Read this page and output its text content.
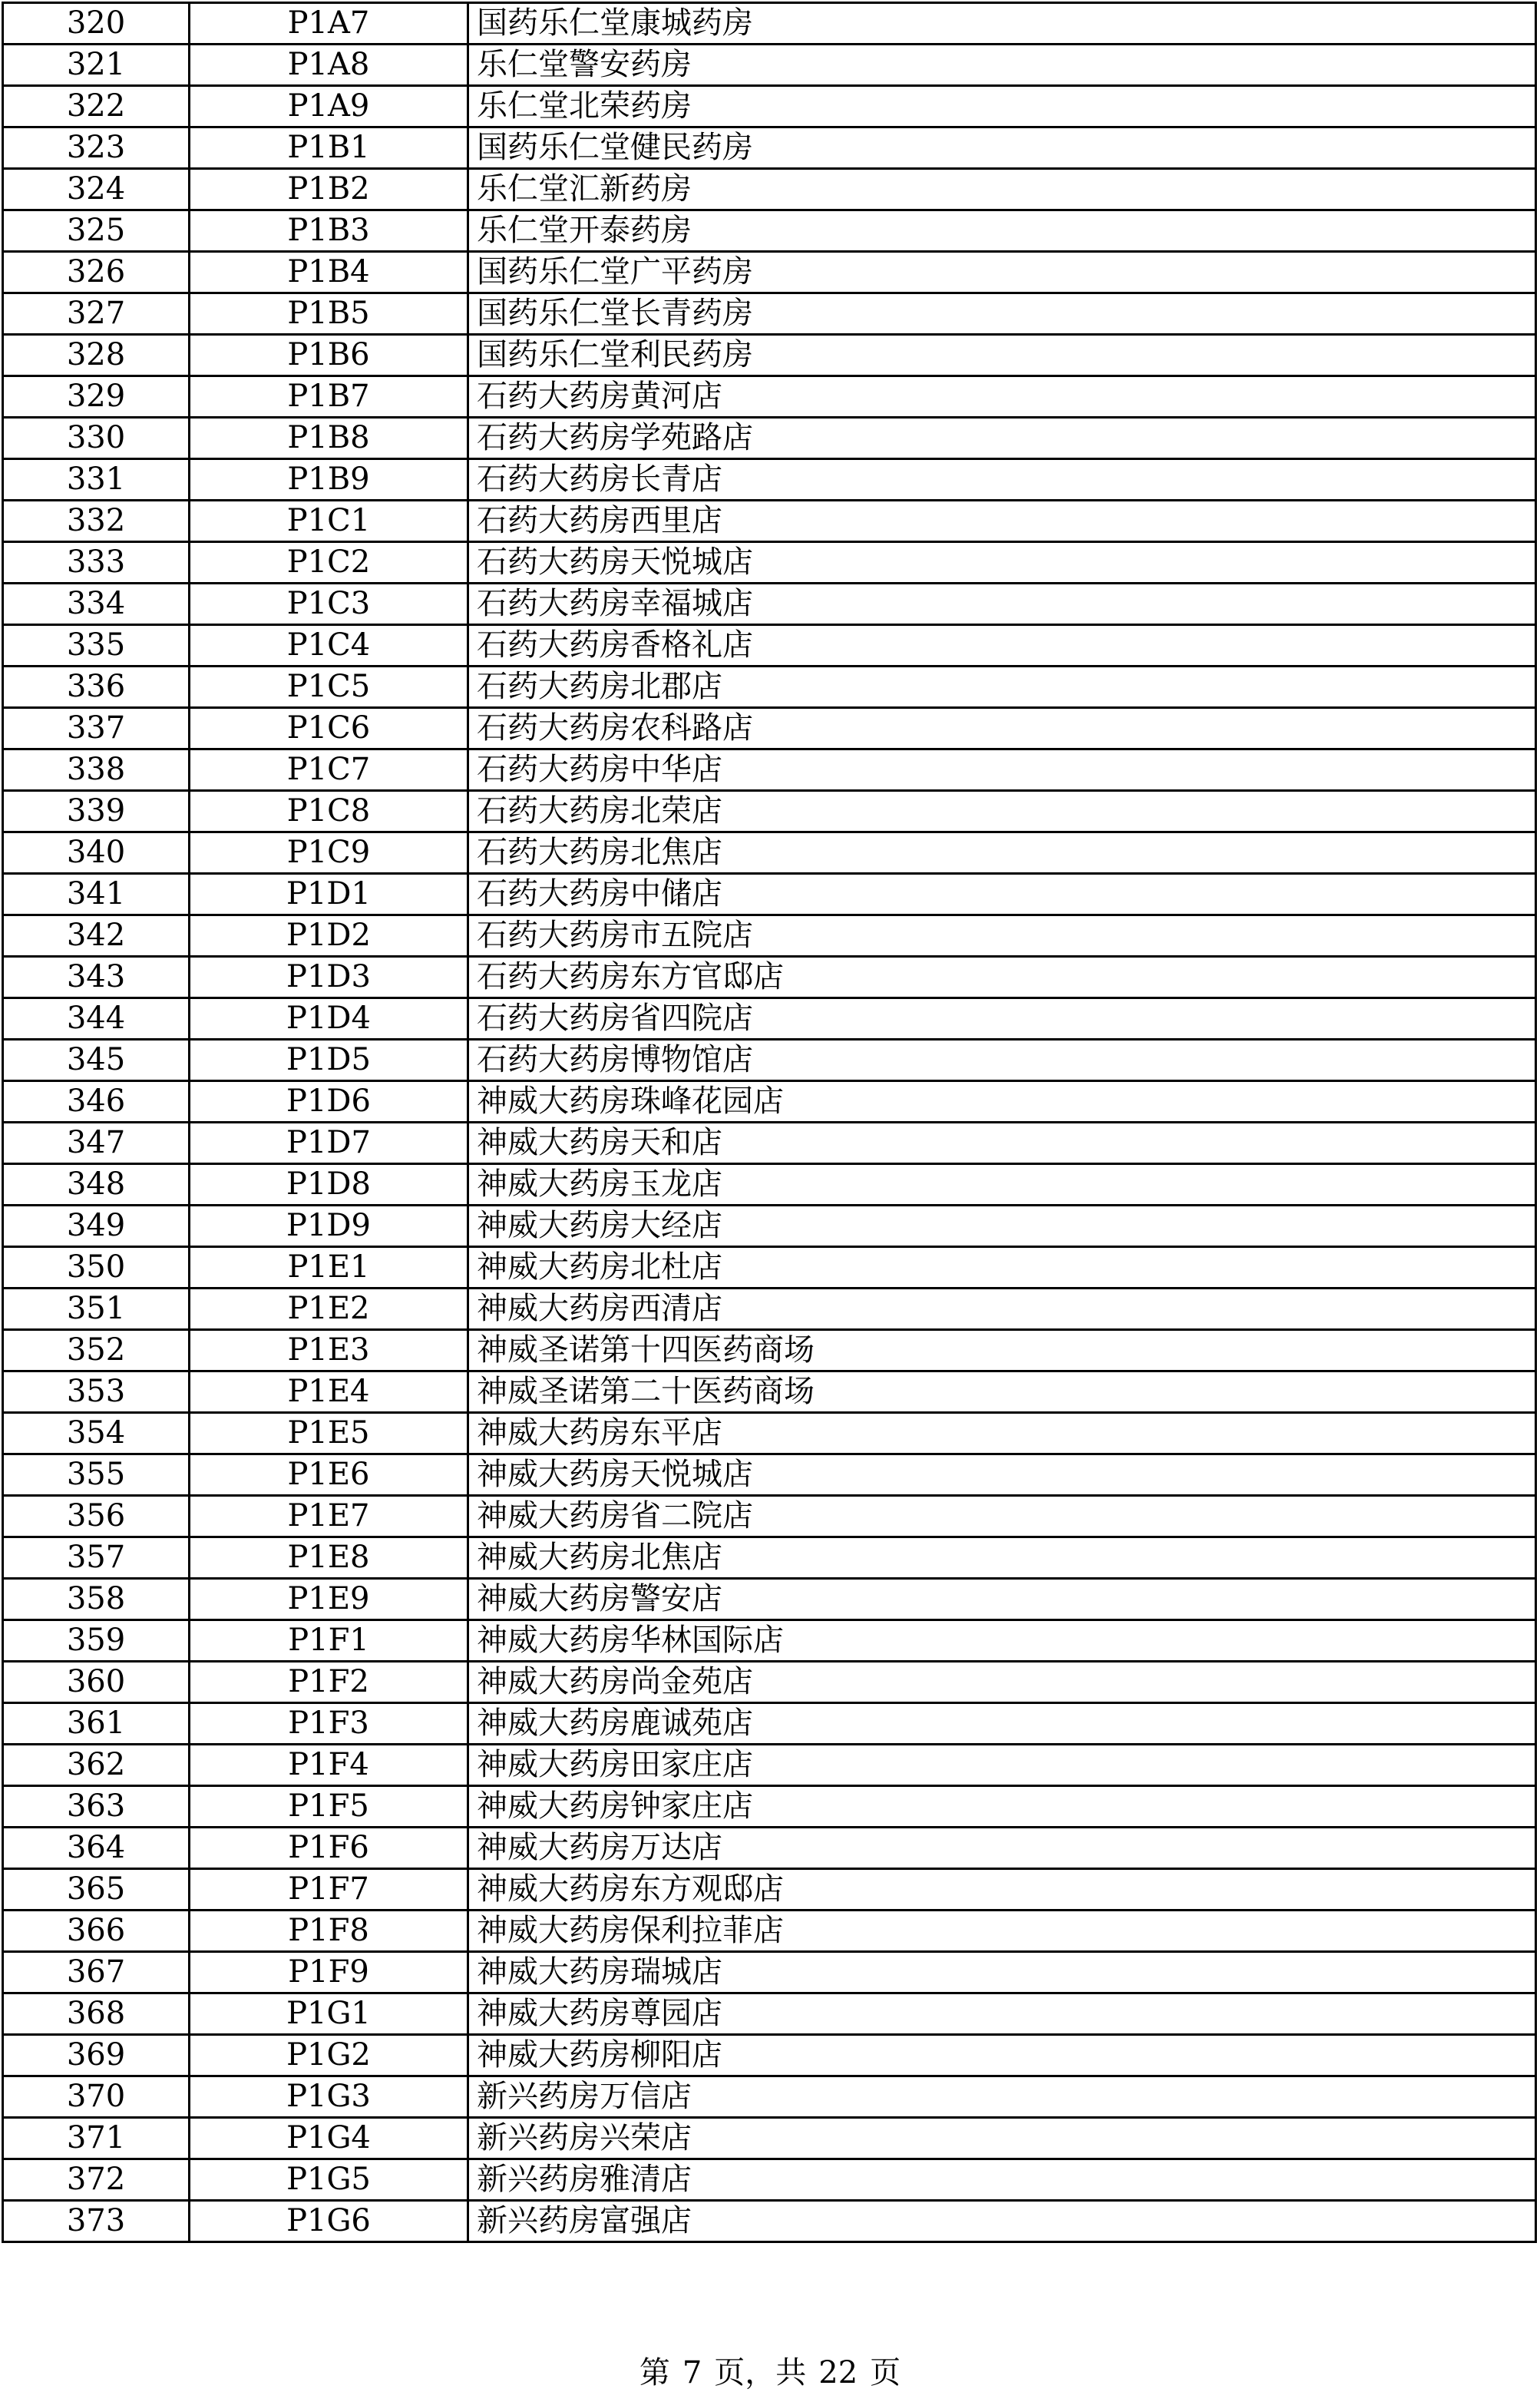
320	P1A7	国药乐仁堂康城药房
321	P1A8	乐仁堂警安药房
322	P1A9	乐仁堂北荣药房
323	P1B1	国药乐仁堂健民药房
324	P1B2	乐仁堂汇新药房
325	P1B3	乐仁堂开泰药房
326	P1B4	国药乐仁堂广平药房
327	P1B5	国药乐仁堂长青药房
328	P1B6	国药乐仁堂利民药房
329	P1B7	石药大药房黄河店
330	P1B8	石药大药房学苑路店
331	P1B9	石药大药房长青店
332	P1C1	石药大药房西里店
333	P1C2	石药大药房天悦城店
334	P1C3	石药大药房幸福城店
335	P1C4	石药大药房香格礼店
336	P1C5	石药大药房北郡店
337	P1C6	石药大药房农科路店
338	P1C7	石药大药房中华店
339	P1C8	石药大药房北荣店
340	P1C9	石药大药房北焦店
341	P1D1	石药大药房中储店
342	P1D2	石药大药房市五院店
343	P1D3	石药大药房东方官邸店
344	P1D4	石药大药房省四院店
345	P1D5	石药大药房博物馆店
346	P1D6	神威大药房珠峰花园店
347	P1D7	神威大药房天和店
348	P1D8	神威大药房玉龙店
349	P1D9	神威大药房大经店
350	P1E1	神威大药房北杜店
351	P1E2	神威大药房西清店
352	P1E3	神威圣诺第十四医药商场
353	P1E4	神威圣诺第二十医药商场
354	P1E5	神威大药房东平店
355	P1E6	神威大药房天悦城店
356	P1E7	神威大药房省二院店
357	P1E8	神威大药房北焦店
358	P1E9	神威大药房警安店
359	P1F1	神威大药房华林国际店
360	P1F2	神威大药房尚金苑店
361	P1F3	神威大药房鹿诚苑店
362	P1F4	神威大药房田家庄店
363	P1F5	神威大药房钟家庄店
364	P1F6	神威大药房万达店
365	P1F7	神威大药房东方观邸店
366	P1F8	神威大药房保利拉菲店
367	P1F9	神威大药房瑞城店
368	P1G1	神威大药房尊园店
369	P1G2	神威大药房柳阳店
370	P1G3	新兴药房万信店
371	P1G4	新兴药房兴荣店
372	P1G5	新兴药房雅清店
373	P1G6	新兴药房富强店
第 7 页，共 22 页
